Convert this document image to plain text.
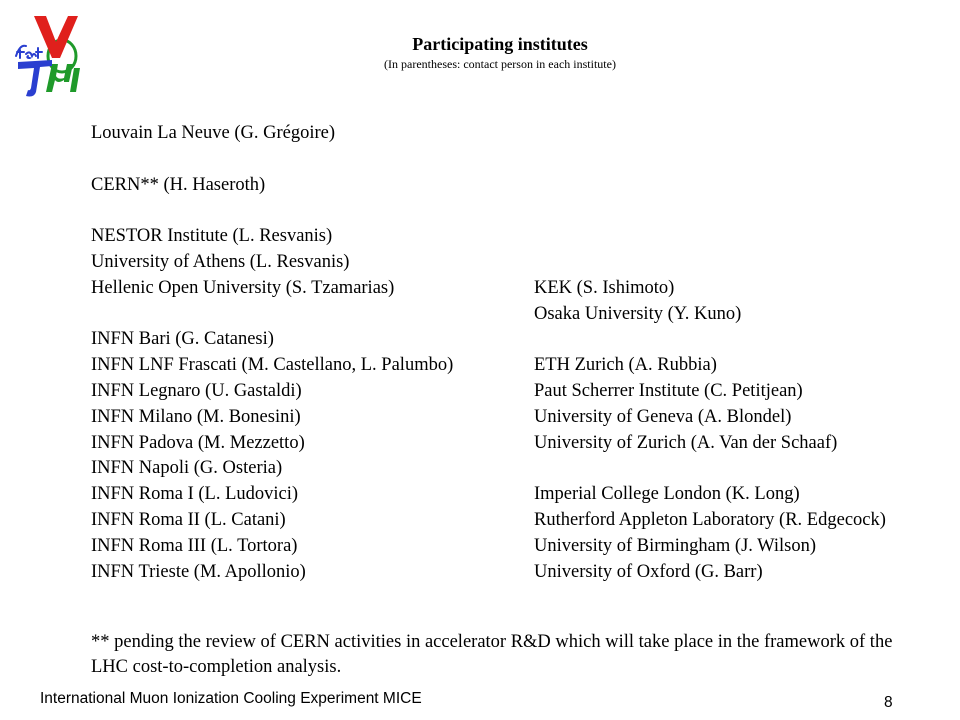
Participating institutes
(In parentheses: contact person in each institute)
Louvain La Neuve (G. Grégoire)
CERN** (H. Haseroth)
NESTOR Institute (L. Resvanis)
University of Athens (L. Resvanis)
Hellenic Open University (S. Tzamarias)
INFN Bari (G. Catanesi)
INFN LNF Frascati (M. Castellano, L. Palumbo)
INFN Legnaro (U. Gastaldi)
INFN Milano (M. Bonesini)
INFN Padova (M. Mezzetto)
INFN Napoli (G. Osteria)
INFN Roma I (L. Ludovici)
INFN Roma II (L. Catani)
INFN Roma III (L. Tortora)
INFN Trieste (M. Apollonio)
KEK (S. Ishimoto)
Osaka University (Y. Kuno)
ETH Zurich (A. Rubbia)
Paut Scherrer Institute (C. Petitjean)
University of Geneva (A. Blondel)
University of Zurich (A. Van der Schaaf)
Imperial College London (K. Long)
Rutherford Appleton Laboratory (R. Edgecock)
University of Birmingham (J. Wilson)
University of Oxford (G. Barr)
** pending the review of CERN activities in accelerator R&D which will take place in the framework of the LHC cost-to-completion analysis.
International Muon Ionization Cooling Experiment MICE	8
